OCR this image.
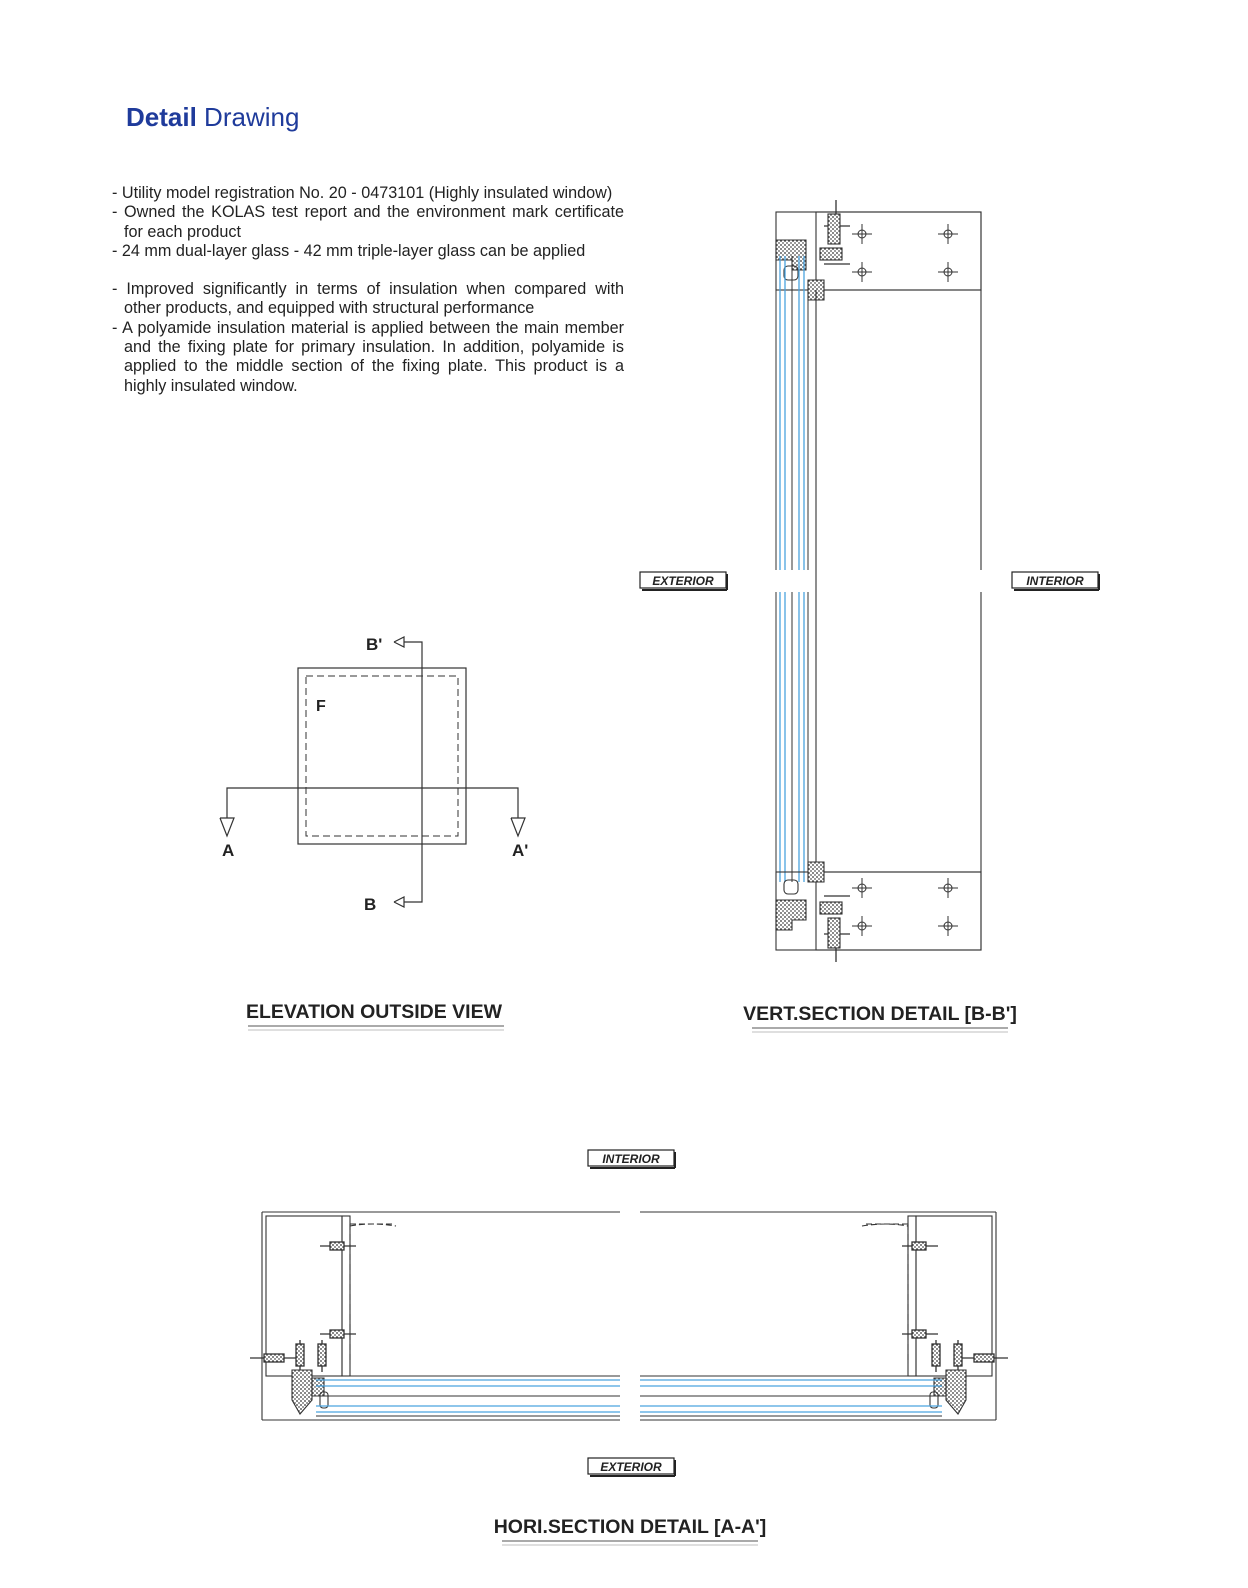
Detail Drawing

- Utility model registration No. 20 - 0473101 (Highly insulated window)

- Owned the KOLAS test report and the environment mark certificate for each product

- 24 mm dual-layer glass - 42 mm triple-layer glass can be applied

- Improved significantly in terms of insulation when compared with other products, and equipped with structural performance

- A polyamide insulation material is applied between the main member and the fixing plate for primary insulation. In addition, polyamide is applied to the middle section of the fixing plate. This product is a highly insulated window.

B'
B
F
A	A'
ELEVATION OUTSIDE VIEW
EXTERIOR	INTERIOR
VERT.SECTION DETAIL [B-B']
INTERIOR
EXTERIOR
HORI.SECTION DETAIL [A-A']
